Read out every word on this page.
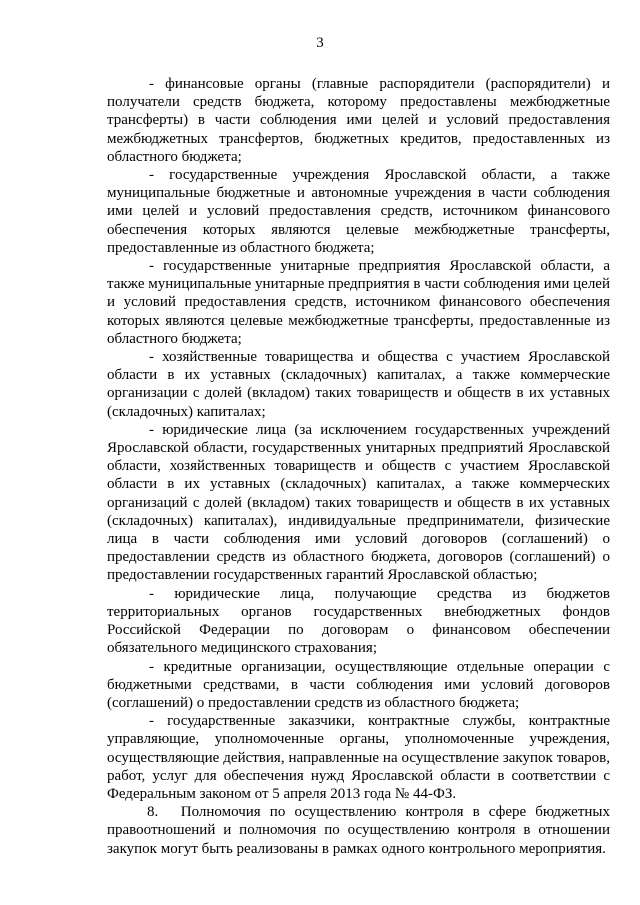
3

- финансовые органы (главные распорядители (распорядители) и получатели средств бюджета, которому предоставлены межбюджетные трансферты) в части соблюдения ими целей и условий предоставления межбюджетных трансфертов, бюджетных кредитов, предоставленных из областного бюджета;

- государственные учреждения Ярославской области, а также муниципальные бюджетные и автономные учреждения в части соблюдения ими целей и условий предоставления средств, источником финансового обеспечения которых являются целевые межбюджетные трансферты, предоставленные из областного бюджета;

- государственные унитарные предприятия Ярославской области, а также муниципальные унитарные предприятия в части соблюдения ими целей и условий предоставления средств, источником финансового обеспечения которых являются целевые межбюджетные трансферты, предоставленные из областного бюджета;

- хозяйственные товарищества и общества с участием Ярославской области в их уставных (складочных) капиталах, а также коммерческие организации с долей (вкладом) таких товариществ и обществ в их уставных (складочных) капиталах;

- юридические лица (за исключением государственных учреждений Ярославской области, государственных унитарных предприятий Ярославской области, хозяйственных товариществ и обществ с участием Ярославской области в их уставных (складочных) капиталах, а также коммерческих организаций с долей (вкладом) таких товариществ и обществ в их уставных (складочных) капиталах), индивидуальные предприниматели, физические лица в части соблюдения ими условий договоров (соглашений) о предоставлении средств из областного бюджета, договоров (соглашений) о предоставлении государственных гарантий Ярославской областью;

- юридические лица, получающие средства из бюджетов территориальных органов государственных внебюджетных фондов Российской Федерации по договорам о финансовом обеспечении обязательного медицинского страхования;

- кредитные организации, осуществляющие отдельные операции с бюджетными средствами, в части соблюдения ими условий договоров (соглашений) о предоставлении средств из областного бюджета;

- государственные заказчики, контрактные службы, контрактные управляющие, уполномоченные органы, уполномоченные учреждения, осуществляющие действия, направленные на осуществление закупок товаров, работ, услуг для обеспечения нужд Ярославской области в соответствии с Федеральным законом от 5 апреля 2013 года № 44-ФЗ.

8.  Полномочия по осуществлению контроля в сфере бюджетных правоотношений и полномочия по осуществлению контроля в отношении закупок могут быть реализованы в рамках одного контрольного мероприятия.
